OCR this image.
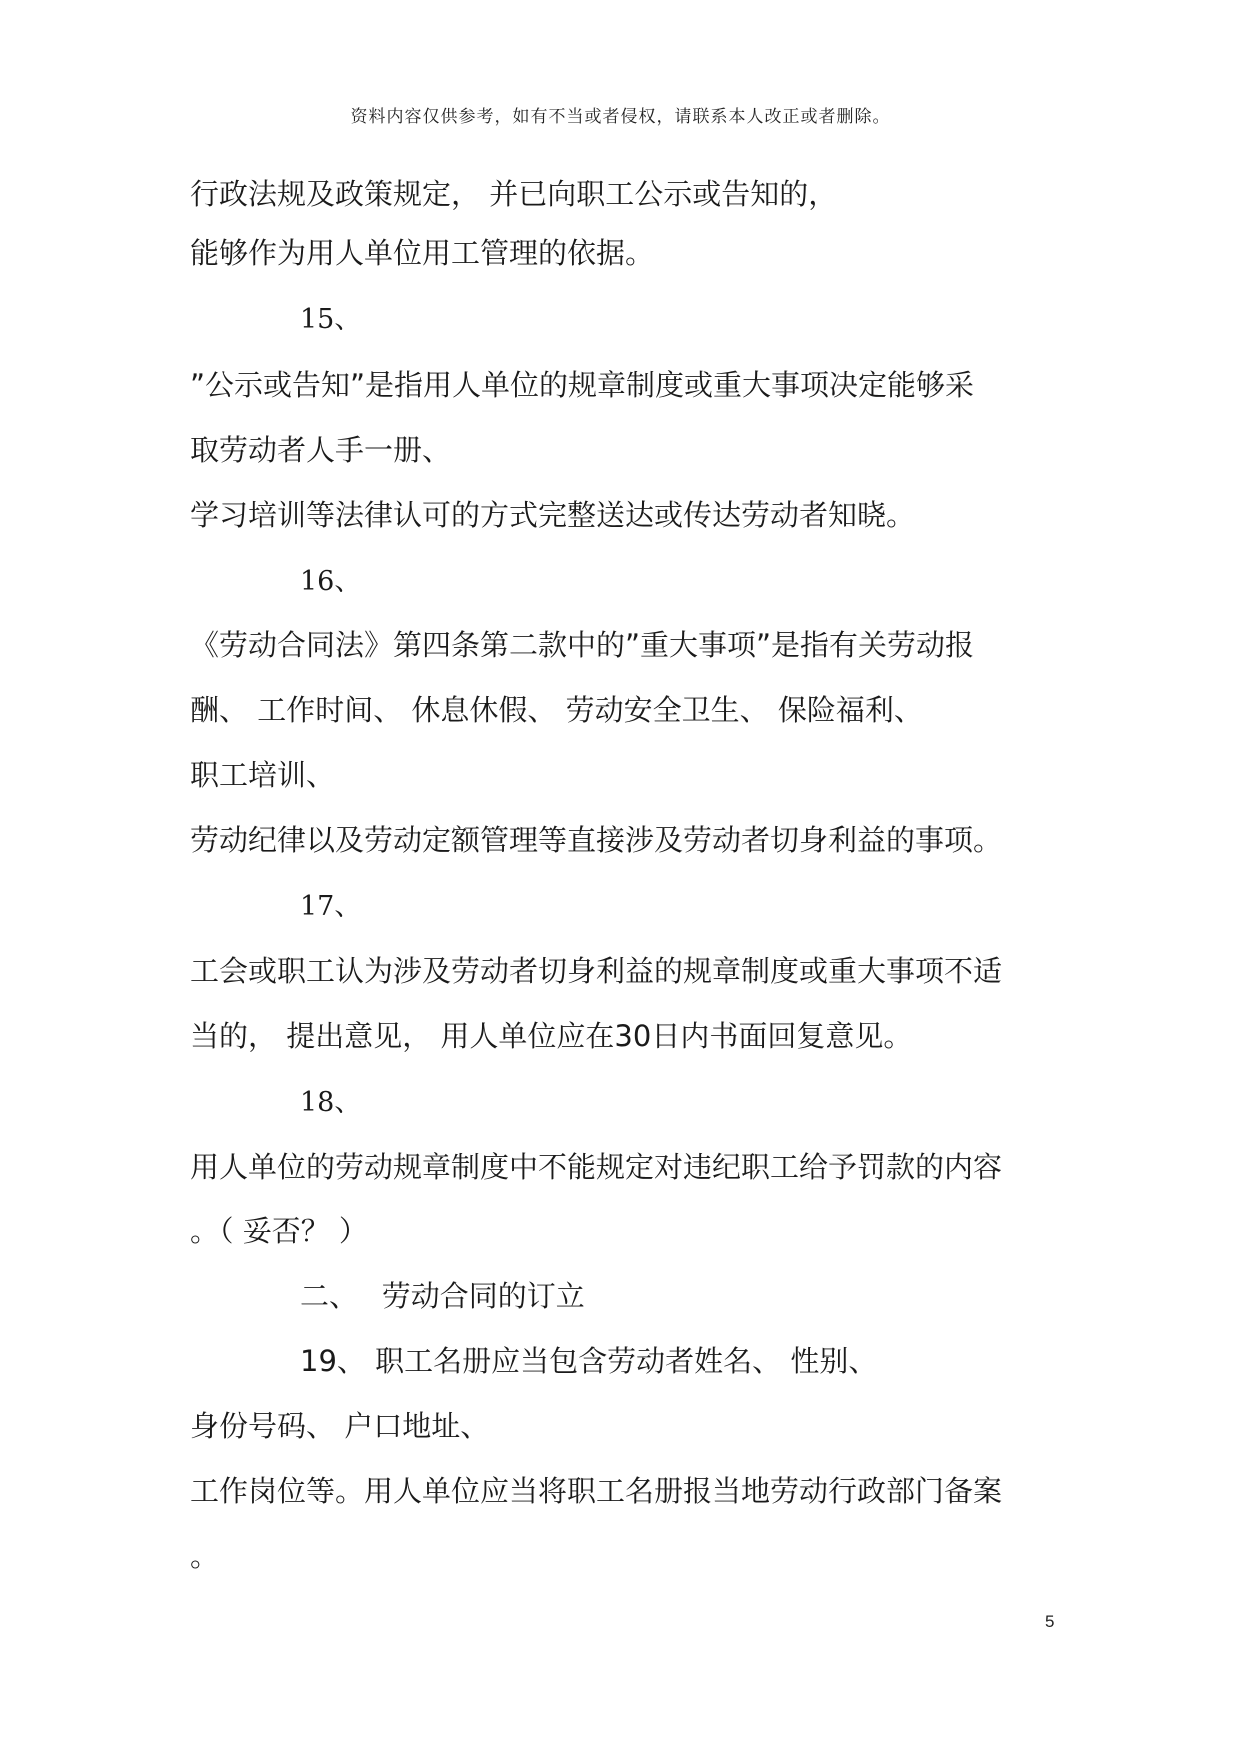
资料内容仅供参考，如有不当或者侵权，请联系本人改正或者删除。
行政法规及政策规定， 并已向职工公示或告知的，
能够作为用人单位用工管理的依据。
15、
”公示或告知”是指用人单位的规章制度或重大事项决定能够采
取劳动者人手一册、
学习培训等法律认可的方式完整送达或传达劳动者知晓。
16、
《劳动合同法》第四条第二款中的”重大事项”是指有关劳动报
酬、 工作时间、 休息休假、 劳动安全卫生、 保险福利、
职工培训、
劳动纪律以及劳动定额管理等直接涉及劳动者切身利益的事项。
17、
工会或职工认为涉及劳动者切身利益的规章制度或重大事项不适
当的， 提出意见， 用人单位应在30日内书面回复意见。
18、
用人单位的劳动规章制度中不能规定对违纪职工给予罚款的内容
。（ 妥否？ ）
二、　 劳动合同的订立
19、 职工名册应当包含劳动者姓名、 性别、
身份号码、 户口地址、
工作岗位等。用人单位应当将职工名册报当地劳动行政部门备案
。
5
